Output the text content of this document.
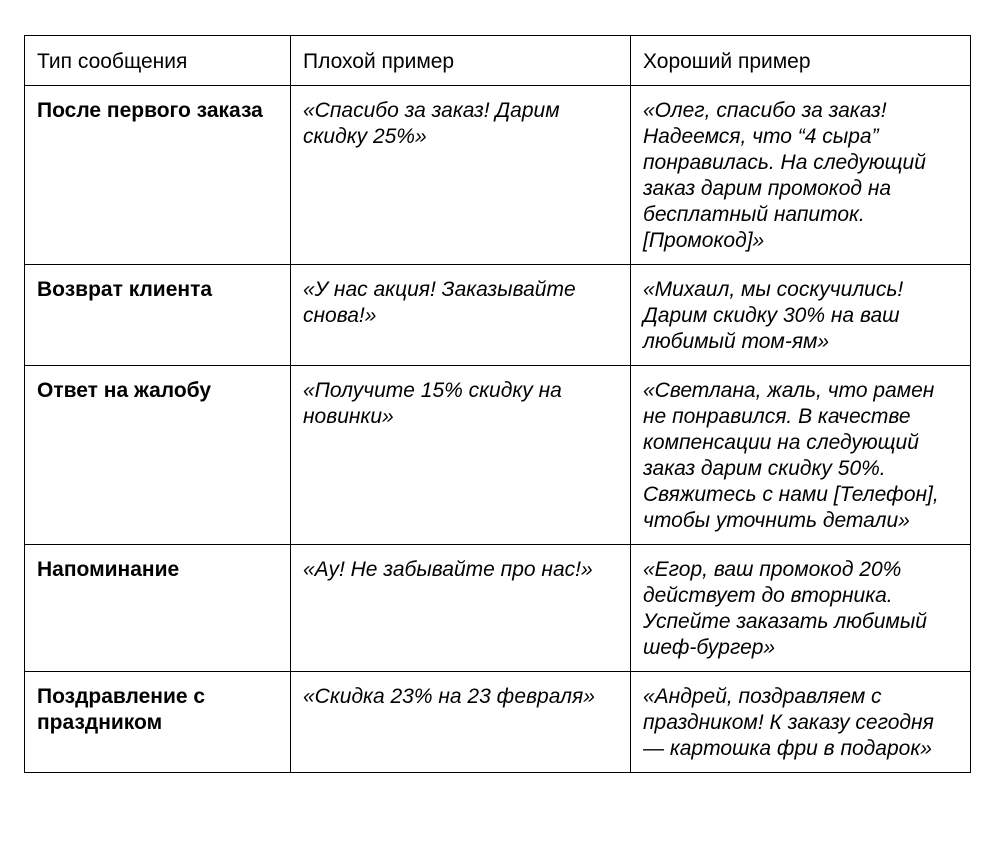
Тип сообщения	Плохой пример	Хороший пример
После первого заказа	«Спасибо за заказ! Дарим скидку 25%»	«Олег, спасибо за заказ! Надеемся, что “4 сыра” понравилась. На следующий заказ дарим промокод на бесплатный напиток. [Промокод]»
Возврат клиента	«У нас акция! Заказывайте снова!»	«Михаил, мы соскучились! Дарим скидку 30% на ваш любимый том-ям»
Ответ на жалобу	«Получите 15% скидку на новинки»	«Светлана, жаль, что рамен не понравился. В качестве компенсации на следующий заказ дарим скидку 50%. Свяжитесь с нами [Телефон], чтобы уточнить детали»
Напоминание	«Ау! Не забывайте про нас!»	«Егор, ваш промокод 20% действует до вторника. Успейте заказать любимый шеф-бургер»
Поздравление с праздником	«Скидка 23% на 23 февраля»	«Андрей, поздравляем с праздником! К заказу сегодня — картошка фри в подарок»
